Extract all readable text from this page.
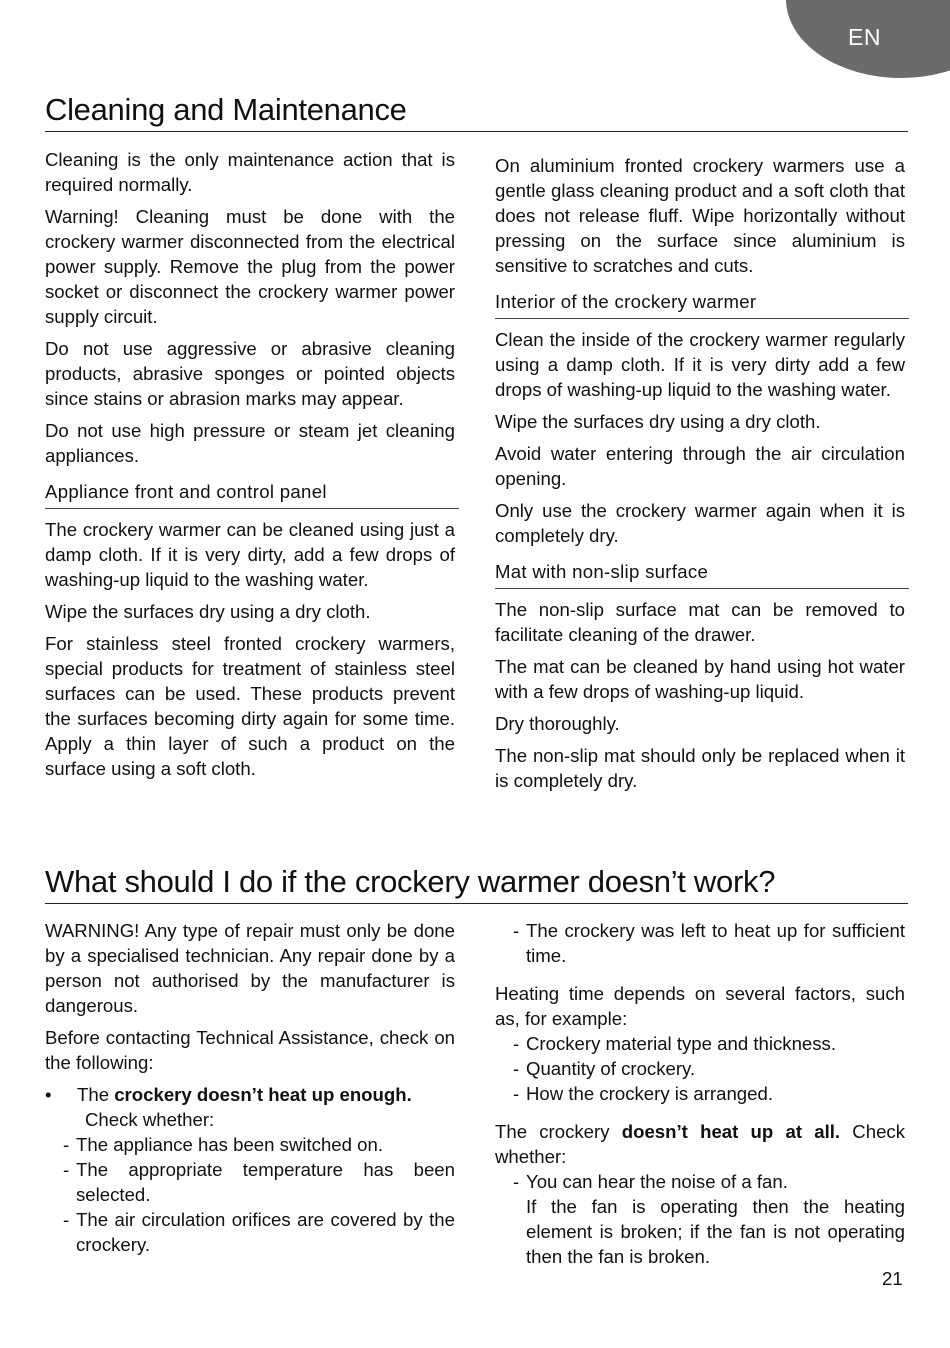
EN
Cleaning and Maintenance

Cleaning is the only maintenance action that is required normally.

Warning! Cleaning must be done with the crockery warmer disconnected from the electrical power supply. Remove the plug from the power socket or disconnect the crockery warmer power supply circuit.

Do not use aggressive or abrasive cleaning products, abrasive sponges or pointed objects since stains or abrasion marks may appear.

Do not use high pressure or steam jet cleaning appliances.

Appliance front and control panel

The crockery warmer can be cleaned using just a damp cloth. If it is very dirty, add a few drops of washing-up liquid to the washing water.

Wipe the surfaces dry using a dry cloth.

For stainless steel fronted crockery warmers, special products for treatment of stainless steel surfaces can be used. These products prevent the surfaces becoming dirty again for some time. Apply a thin layer of such a product on the surface using a soft cloth.

On aluminium fronted crockery warmers use a gentle glass cleaning product and a soft cloth that does not release fluff. Wipe horizontally without pressing on the surface since aluminium is sensitive to scratches and cuts.

Interior of the crockery warmer

Clean the inside of the crockery warmer regularly using a damp cloth. If it is very dirty add a few drops of washing-up liquid to the washing water.

Wipe the surfaces dry using a dry cloth.

Avoid water entering through the air circulation opening.

Only use the crockery warmer again when it is completely dry.

Mat with non-slip surface

The non-slip surface mat can be removed to facilitate cleaning of the drawer.

The mat can be cleaned by hand using hot water with a few drops of washing-up liquid.

Dry thoroughly.

The non-slip mat should only be replaced when it is completely dry.

What should I do if the crockery warmer doesn’t work?

WARNING! Any type of repair must only be done by a specialised technician. Any repair done by a person not authorised by the manufacturer is dangerous.

Before contacting Technical Assistance, check on the following:

• The crockery doesn’t heat up enough.
Check whether:
- The appliance has been switched on.
- The appropriate temperature has been selected.
- The air circulation orifices are covered by the crockery.
- The crockery was left to heat up for sufficient time.

Heating time depends on several factors, such as, for example:

- Crockery material type and thickness.
- Quantity of crockery.
- How the crockery is arranged.

The crockery doesn’t heat up at all. Check whether:

- You can hear the noise of a fan.
If the fan is operating then the heating element is broken; if the fan is not operating then the fan is broken.
21
